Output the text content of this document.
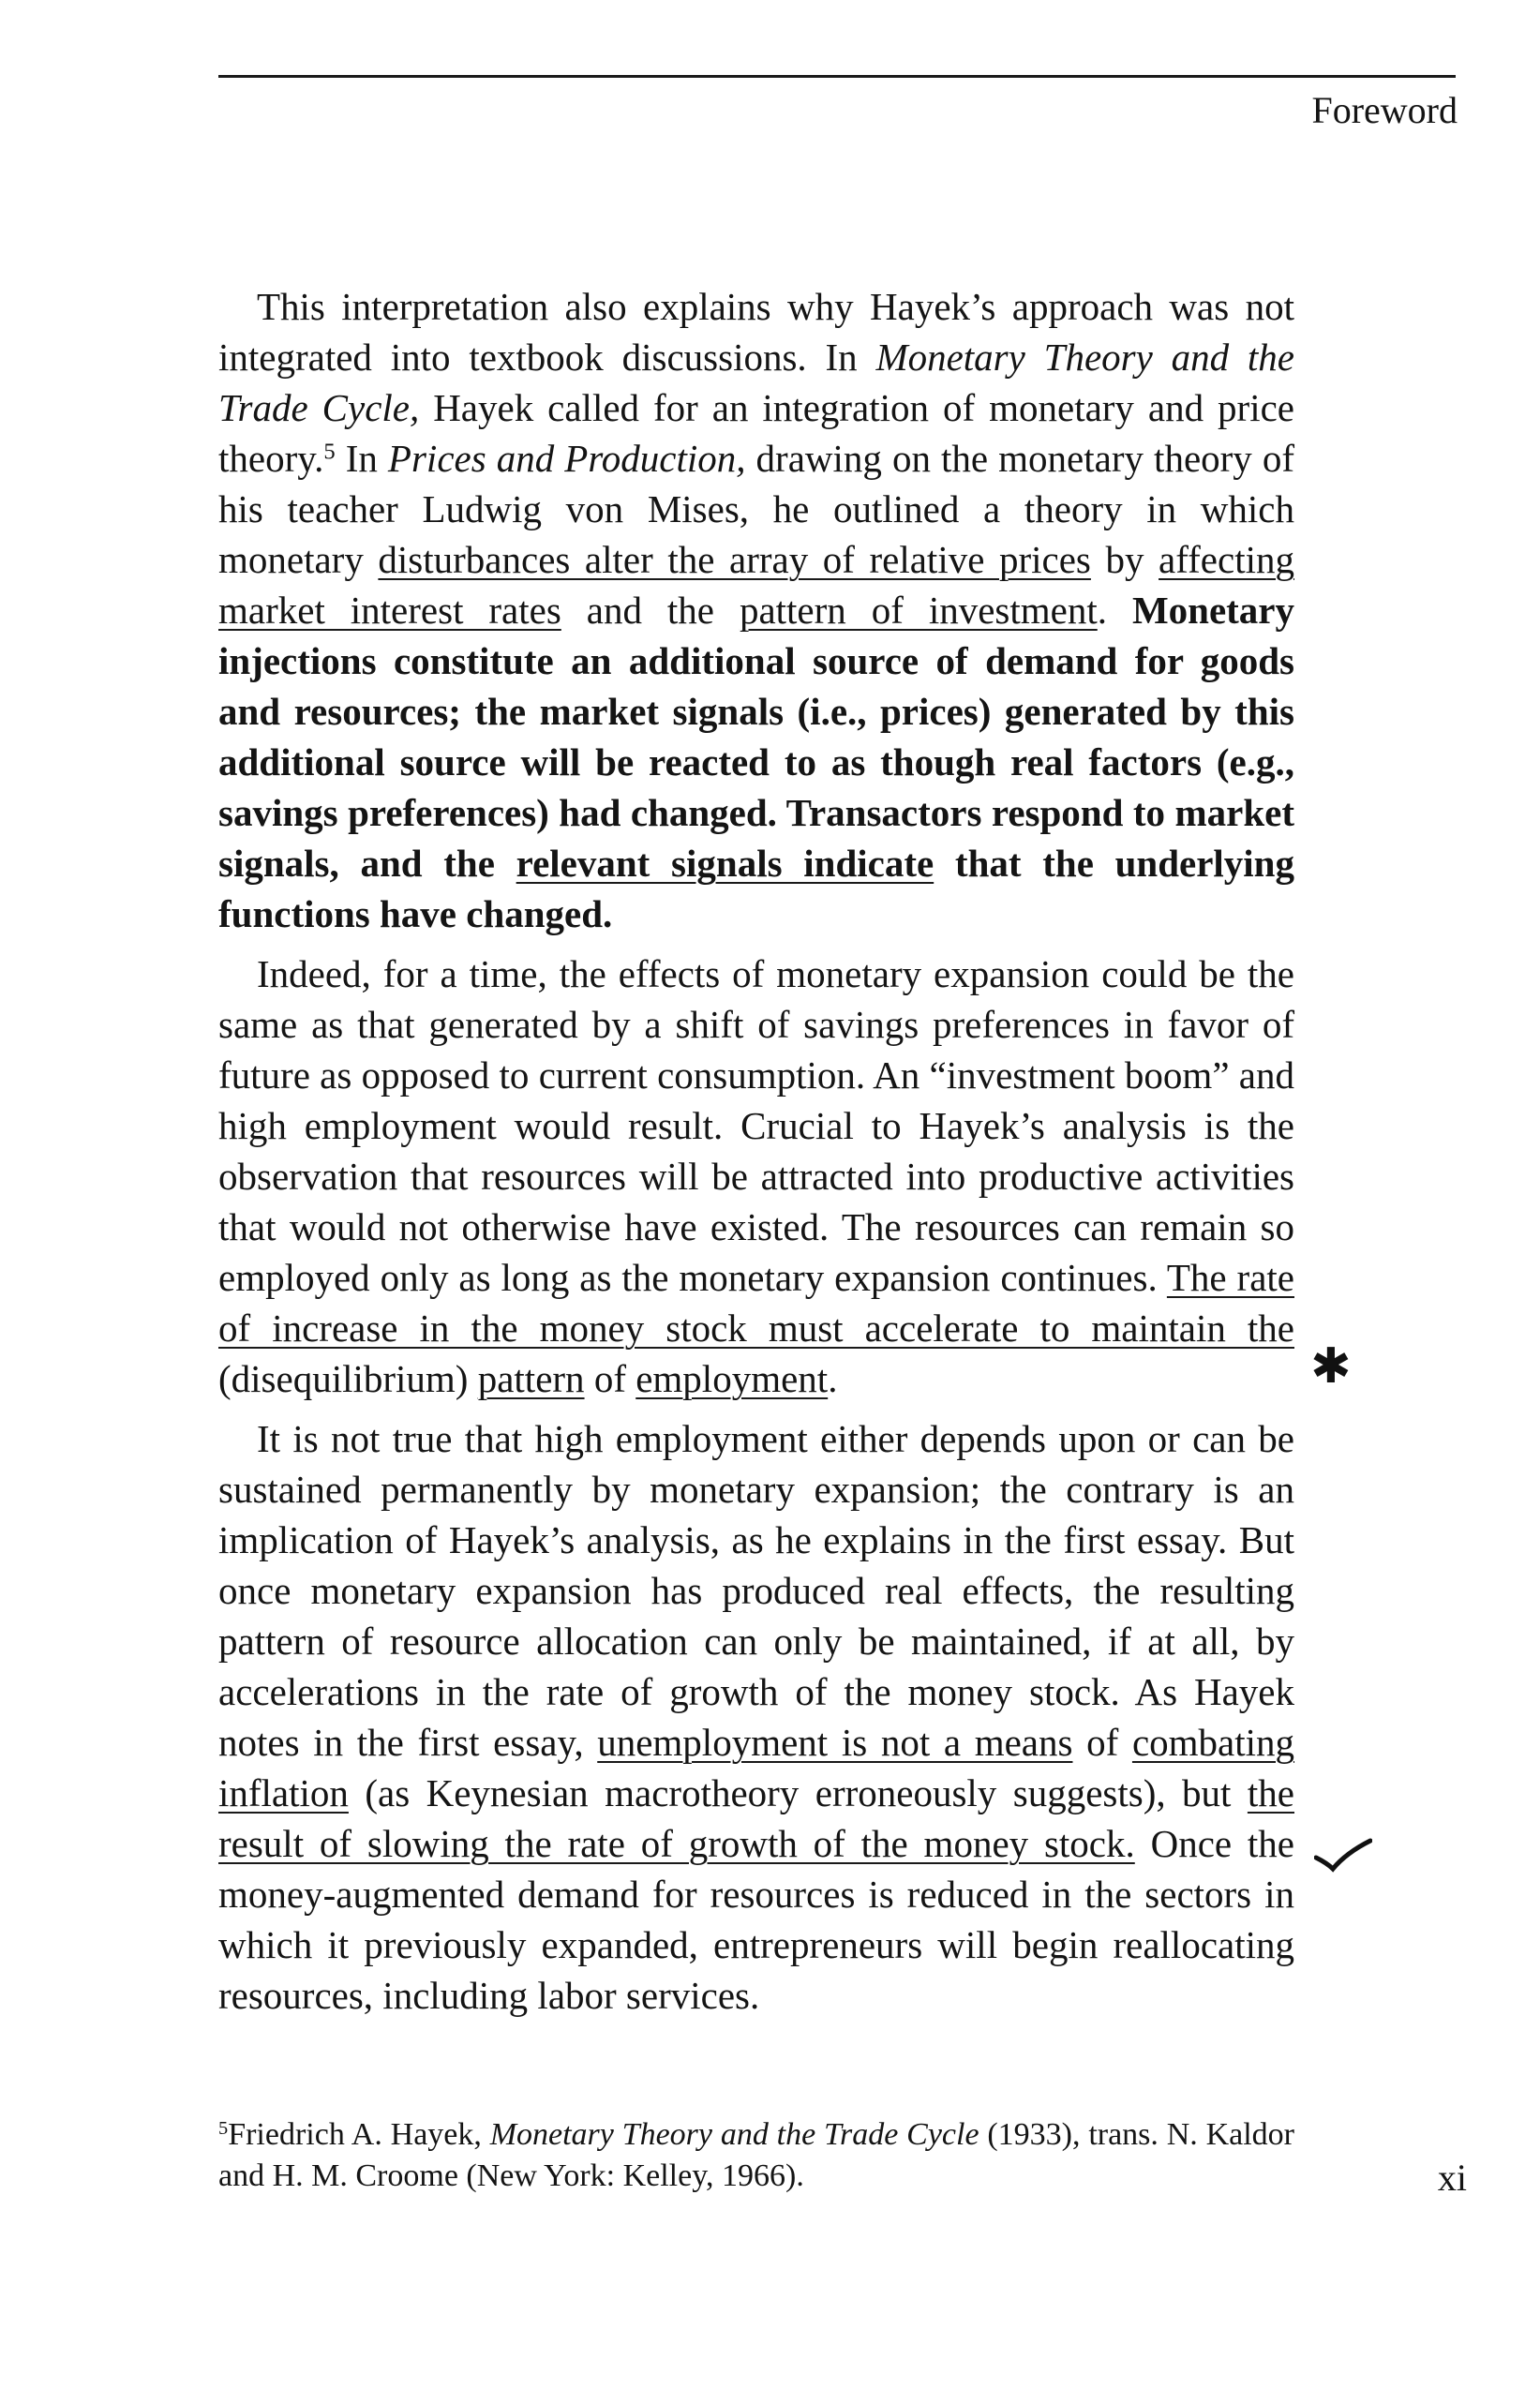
Foreword

This interpretation also explains why Hayek’s approach was not integrated into textbook discussions. In Monetary Theory and the Trade Cycle, Hayek called for an integration of monetary and price theory.$^5$ In Prices and Production, drawing on the monetary theory of his teacher Ludwig von Mises, he outlined a theory in which monetary disturbances alter the array of relative prices by affecting market interest rates and the pattern of investment. Monetary injections constitute an additional source of demand for goods and resources; the market signals (i.e., prices) generated by this additional source will be reacted to as though real factors (e.g., savings preferences) had changed. Transactors respond to market signals, and the relevant signals indicate that the underlying functions have changed.

Indeed, for a time, the effects of monetary expansion could be the same as that generated by a shift of savings preferences in favor of future as opposed to current consumption. An “investment boom” and high employment would result. Crucial to Hayek’s analysis is the observation that resources will be attracted into productive activities that would not otherwise have existed. The resources can remain so employed only as long as the monetary expansion continues. The rate of increase in the money stock must accelerate to maintain the (disequilibrium) pattern of employment.

It is not true that high employment either depends upon or can be sustained permanently by monetary expansion; the contrary is an implication of Hayek’s analysis, as he explains in the first essay. But once monetary expansion has produced real effects, the resulting pattern of resource allocation can only be maintained, if at all, by accelerations in the rate of growth of the money stock. As Hayek notes in the first essay, unemployment is not a means of combating inflation (as Keynesian macrotheory erroneously suggests), but the result of slowing the rate of growth of the money stock. Once the money-augmented demand for resources is reduced in the sectors in which it previously expanded, entrepreneurs will begin reallocating resources, including labor services.

✱
$^5$Friedrich A. Hayek, Monetary Theory and the Trade Cycle (1933), trans. N. Kaldor and H. M. Croome (New York: Kelley, 1966).	xi
